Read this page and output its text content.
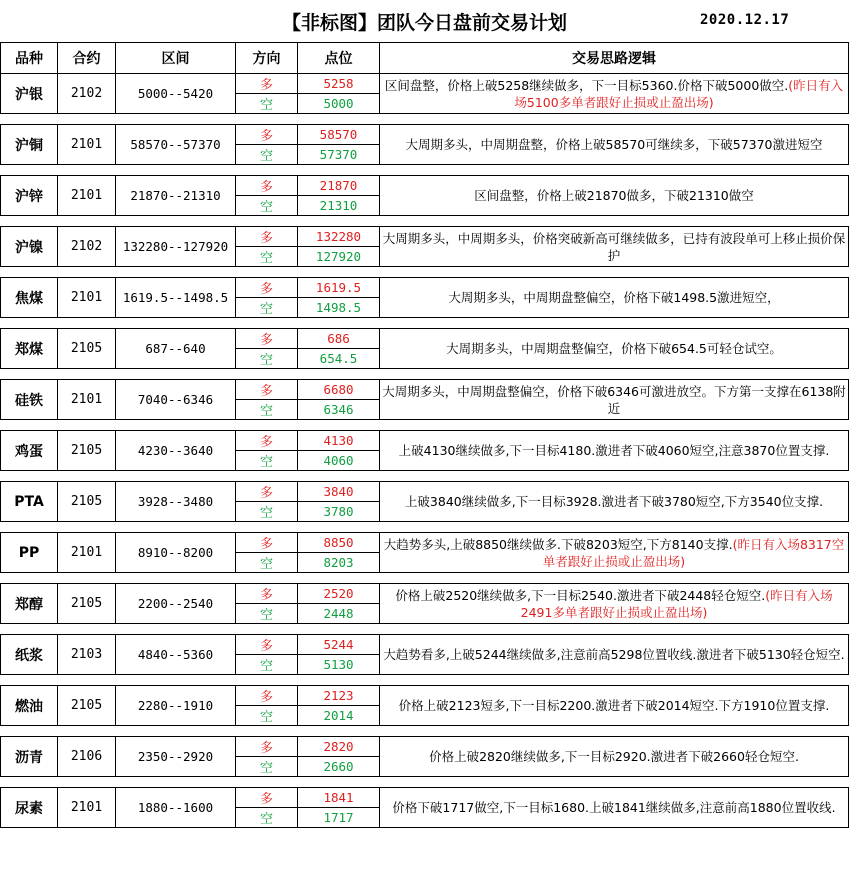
【非标图】团队今日盘前交易计划	2020.12.17
品种	合约	区间	方向	点位	交易思路逻辑
沪银	2102	5000--5420	多	5258	区间盘整，价格上破5258继续做多，下一目标5360.价格下破5000做空.(昨日有入场5100多单者跟好止损或止盈出场)
			空	5000	

沪铜	2101	58570--57370	多	58570	大周期多头，中周期盘整，价格上破58570可继续多，下破57370激进短空
			空	57370	

沪锌	2101	21870--21310	多	21870	区间盘整，价格上破21870做多，下破21310做空
			空	21310	

沪镍	2102	132280--127920	多	132280	大周期多头，中周期多头，价格突破新高可继续做多，已持有波段单可上移止损价保护
			空	127920	

焦煤	2101	1619.5--1498.5	多	1619.5	大周期多头，中周期盘整偏空，价格下破1498.5激进短空，
			空	1498.5	

郑煤	2105	687--640	多	686	大周期多头，中周期盘整偏空，价格下破654.5可轻仓试空。
			空	654.5	

硅铁	2101	7040--6346	多	6680	大周期多头，中周期盘整偏空，价格下破6346可激进放空。下方第一支撑在6138附近
			空	6346	

鸡蛋	2105	4230--3640	多	4130	上破4130继续做多,下一目标4180.激进者下破4060短空,注意3870位置支撑.
			空	4060	

PTA	2105	3928--3480	多	3840	上破3840继续做多,下一目标3928.激进者下破3780短空,下方3540位支撑.
			空	3780	

PP	2101	8910--8200	多	8850	大趋势多头,上破8850继续做多.下破8203短空,下方8140支撑.(昨日有入场8317空单者跟好止损或止盈出场)
			空	8203	

郑醇	2105	2200--2540	多	2520	价格上破2520继续做多,下一目标2540.激进者下破2448轻仓短空.(昨日有入场2491多单者跟好止损或止盈出场)
			空	2448	

纸浆	2103	4840--5360	多	5244	大趋势看多,上破5244继续做多,注意前高5298位置收线.激进者下破5130轻仓短空.
			空	5130	

燃油	2105	2280--1910	多	2123	价格上破2123短多,下一目标2200.激进者下破2014短空.下方1910位置支撑.
			空	2014	

沥青	2106	2350--2920	多	2820	价格上破2820继续做多,下一目标2920.激进者下破2660轻仓短空.
			空	2660	

尿素	2101	1880--1600	多	1841	价格下破1717做空,下一目标1680.上破1841继续做多,注意前高1880位置收线.
			空	1717	
